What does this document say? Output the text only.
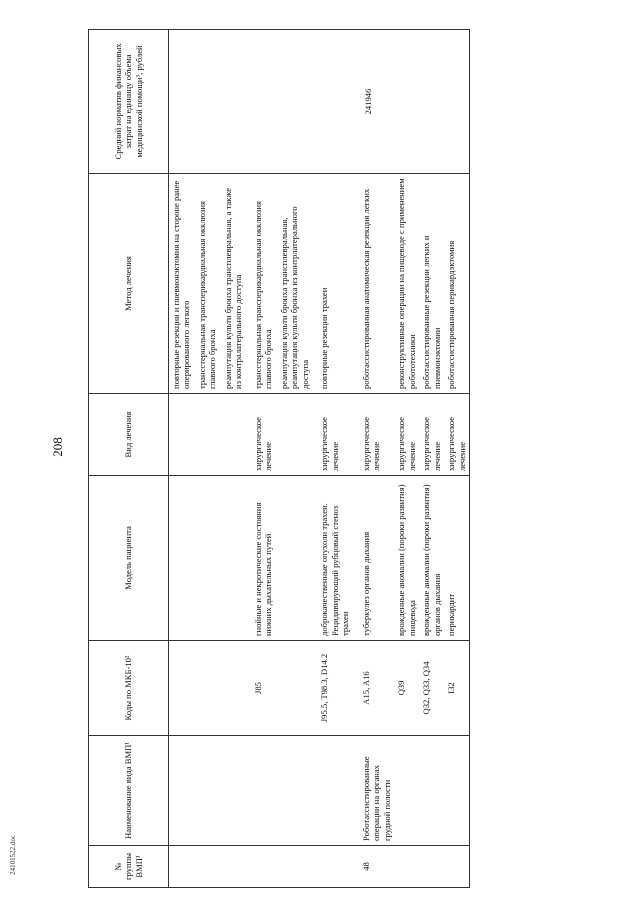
208
24101522.doc	№ группы ВМП¹	Наименование вида ВМП¹	Коды по МКБ-10²	Модель пациента	Вид лечения	Метод лечения	Средний норматив финансовых затрат на единицу объема медицинской помощи³, рублей

					повторные резекции и пневмонэктомия на стороне ранее оперированного легкого трансстернальная трансперикардиальная окклюзия главного бронха реампутация культи бронха трансплевральная, а также из контралатерального доступа	

		J85	гнойные и некротические состояния нижних дыхательных путей	хирургическое лечение	трансстернальная трансперикардиальная окклюзия главного бронха реампутация культи бронха трансплевральная, реампутация культи бронха из контрлатерального доступа	

		J95.5, T98.3, D14.2	доброкачественные опухоли трахеи. Рецидивирующий рубцовый стеноз трахеи	хирургическое лечение	повторные резекции трахеи	

48	Роботассистированные операции на органах грудной полости	A15, A16	туберкулез органов дыхания	хирургическое лечение	роботассистированная анатомическая резекция легких	241946
		Q39	врожденные аномалии (пороки развития) пищевода	хирургическое лечение	реконструктивные операции на пищеводе с применением робототехники	
		Q32, Q33, Q34	врожденные аномалии (пороки развития) органов дыхания	хирургическое лечение	роботассистированные резекции легких и пневмонэктомии	
		I32	перикардит	хирургическое лечение	роботассистированная перикардэктомия	
